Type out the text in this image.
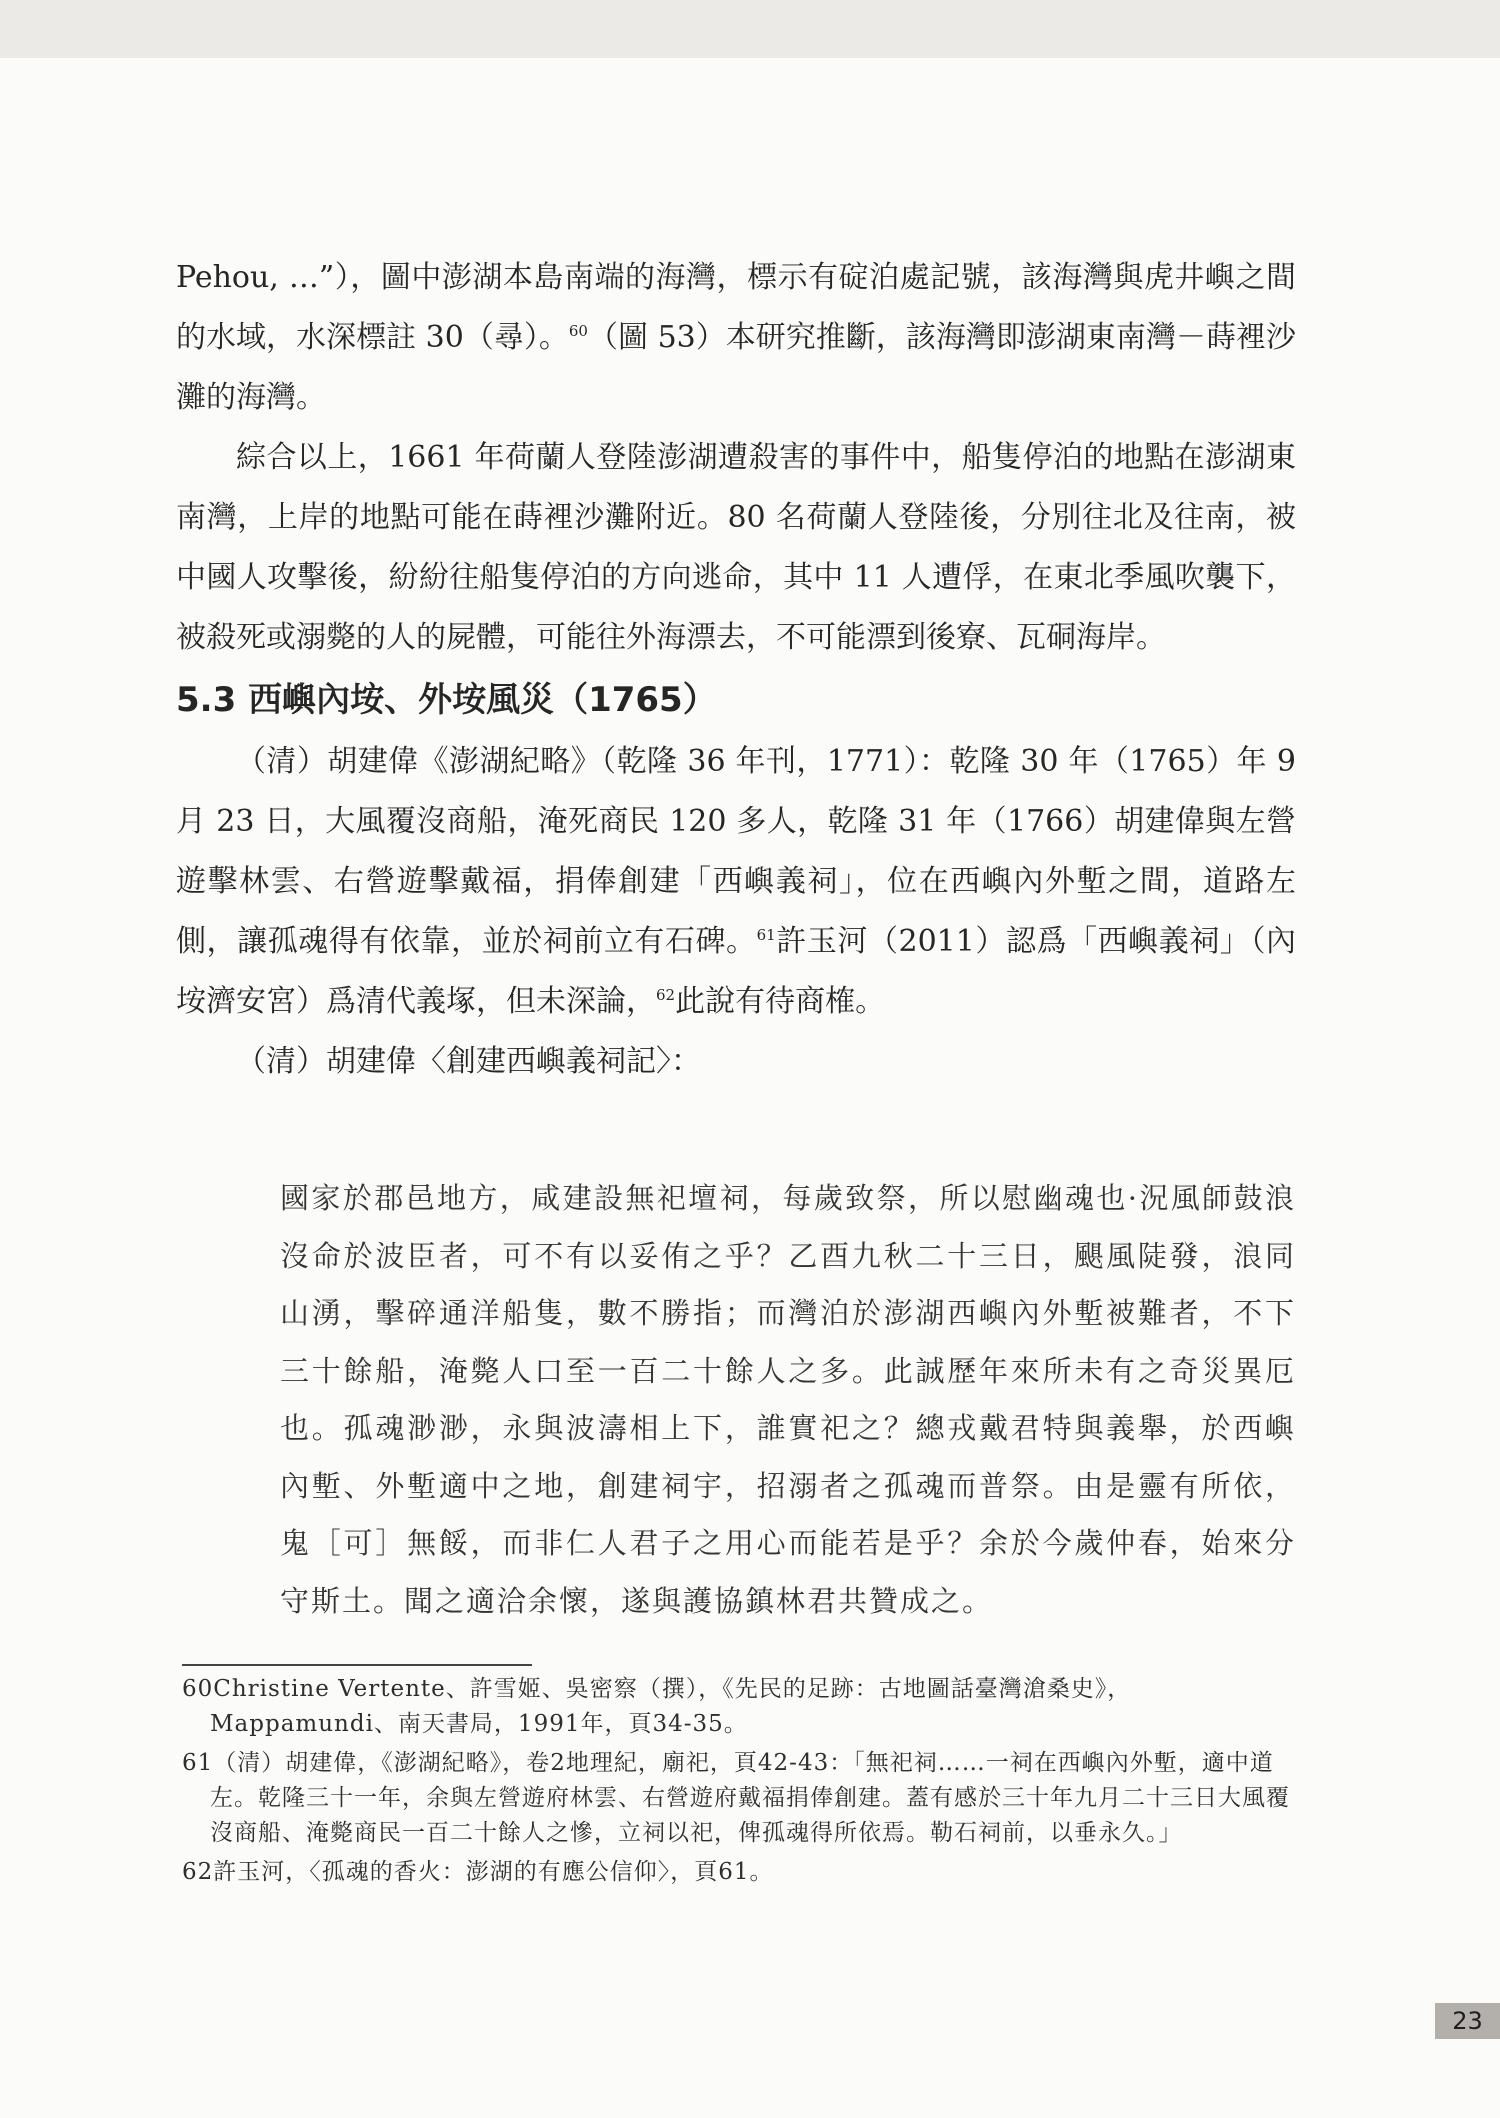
Pehou, …”），圖中澎湖本島南端的海灣，標示有碇泊處記號，該海灣與虎井嶼之間的水域，水深標註 30（尋）。$^{60}$（圖 53）本研究推斷，該海灣即澎湖東南灣－蒔裡沙灘的海灣。

綜合以上，1661 年荷蘭人登陸澎湖遭殺害的事件中，船隻停泊的地點在澎湖東南灣，上岸的地點可能在蒔裡沙灘附近。80 名荷蘭人登陸後，分別往北及往南，被中國人攻擊後，紛紛往船隻停泊的方向逃命，其中 11 人遭俘，在東北季風吹襲下，被殺死或溺斃的人的屍體，可能往外海漂去，不可能漂到後寮、瓦硐海岸。

5.3 西嶼內垵、外垵風災（1765）

（清）胡建偉《澎湖紀略》（乾隆 36 年刊，1771）：乾隆 30 年（1765）年 9 月 23 日，大風覆沒商船，淹死商民 120 多人，乾隆 31 年（1766）胡建偉與左營遊擊林雲、右營遊擊戴福，捐俸創建「西嶼義祠」，位在西嶼內外塹之間，道路左側，讓孤魂得有依靠，並於祠前立有石碑。$^{61}$許玉河（2011）認爲「西嶼義祠」（內垵濟安宮）爲清代義塚，但未深論，$^{62}$此說有待商榷。

（清）胡建偉〈創建西嶼義祠記〉：

國家於郡邑地方，咸建設無祀壇祠，每歲致祭，所以慰幽魂也·況風師鼓浪沒命於波臣者，可不有以妥侑之乎？乙酉九秋二十三日，颶風陡發，浪同山湧，擊碎通洋船隻，數不勝指；而灣泊於澎湖西嶼內外塹被難者，不下三十餘船，淹斃人口至一百二十餘人之多。此誠歷年來所未有之奇災異厄也。孤魂渺渺，永與波濤相上下，誰實祀之？總戎戴君特與義舉，於西嶼內塹、外塹適中之地，創建祠宇，招溺者之孤魂而普祭。由是靈有所依，鬼［可］無餒，而非仁人君子之用心而能若是乎？余於今歲仲春，始來分守斯土。聞之適洽余懷，遂與護協鎮林君共贊成之。

60Christine Vertente、許雪姬、吳密察（撰），《先民的足跡：古地圖話臺灣滄桑史》，Mappamundi、南天書局，1991年，頁34-35。

61（清）胡建偉，《澎湖紀略》，卷2地理紀，廟祀，頁42-43：「無祀祠……一祠在西嶼內外塹，適中道左。乾隆三十一年，余與左營遊府林雲、右營遊府戴福捐俸創建。蓋有感於三十年九月二十三日大風覆沒商船、淹斃商民一百二十餘人之慘，立祠以祀，俾孤魂得所依焉。勒石祠前，以垂永久。」

62許玉河，〈孤魂的香火：澎湖的有應公信仰〉，頁61。

23
